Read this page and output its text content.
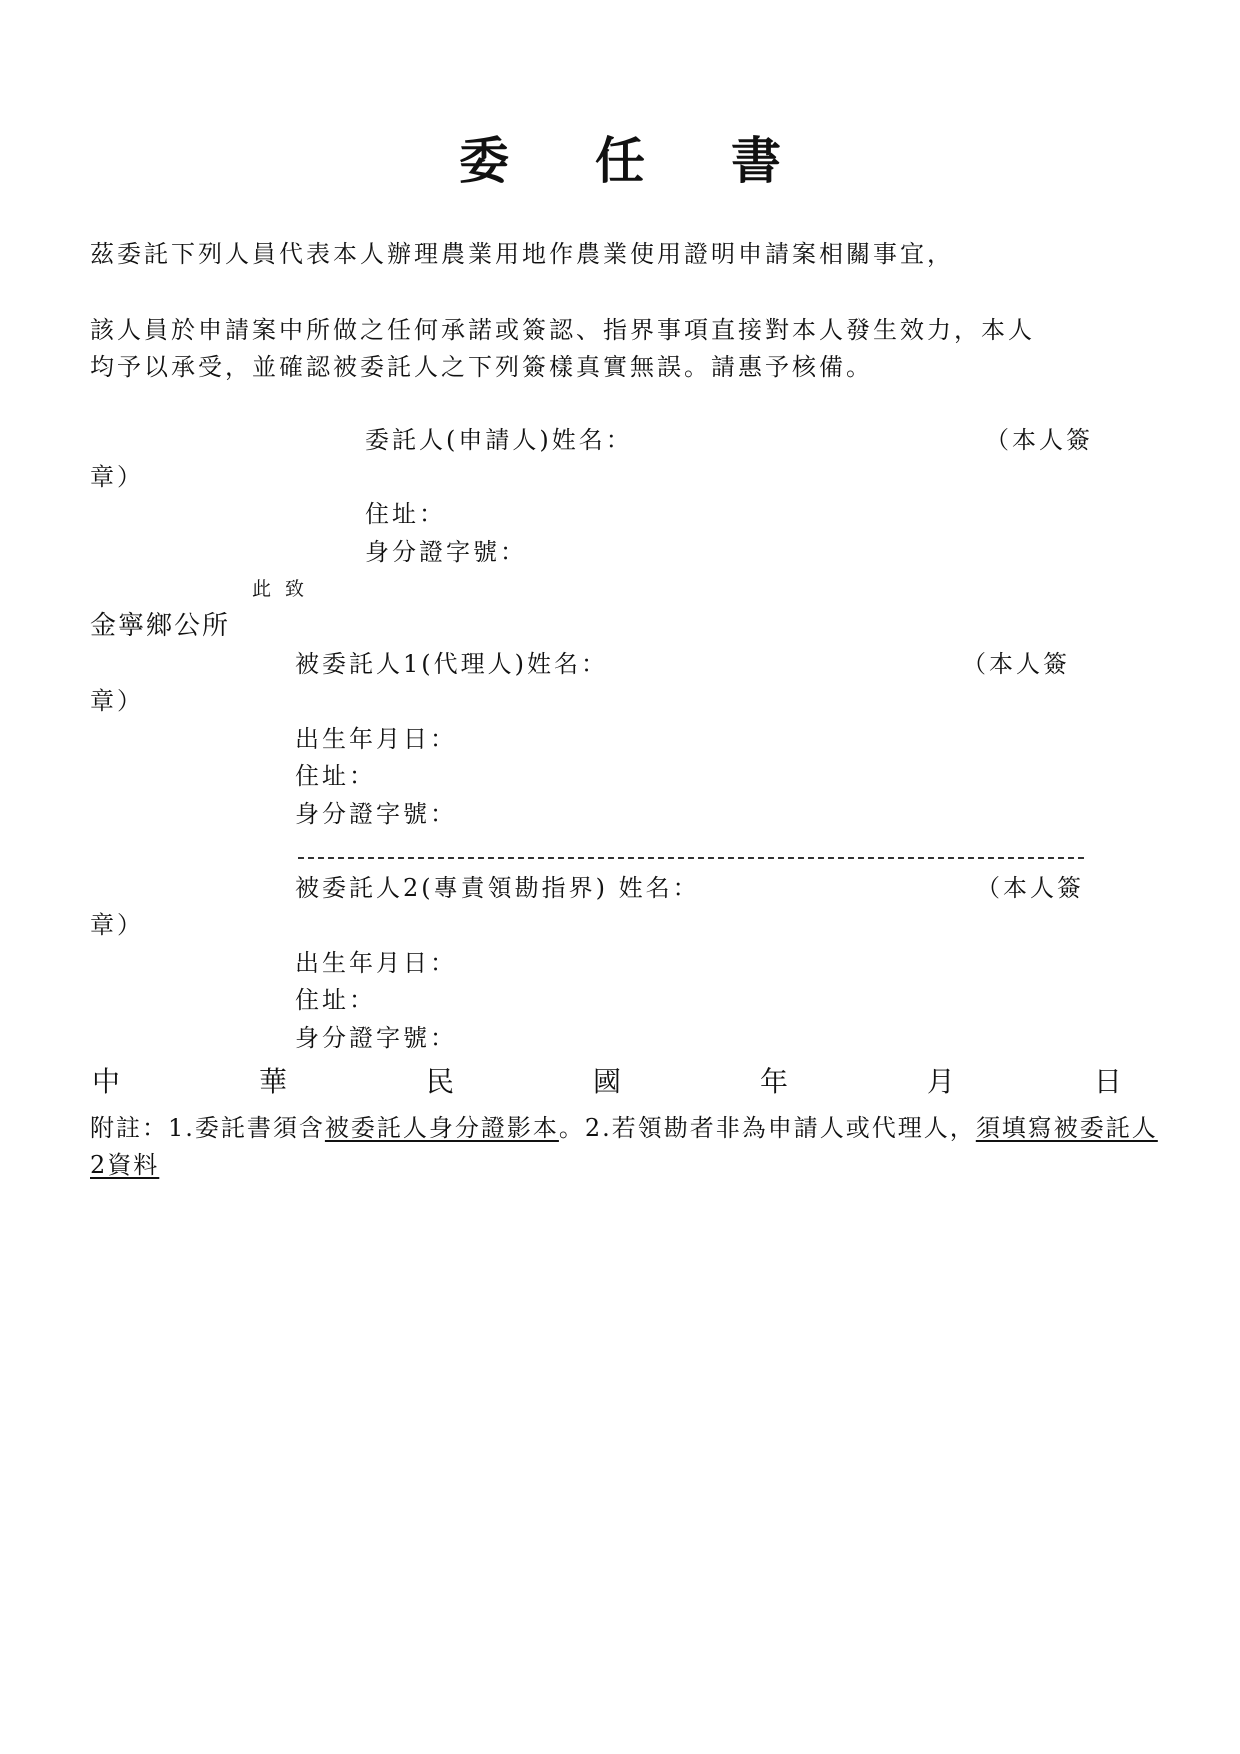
委 任 書
茲委託下列人員代表本人辦理農業用地作農業使用證明申請案相關事宜，
該人員於申請案中所做之任何承諾或簽認、指界事項直接對本人發生效力，本人
均予以承受，並確認被委託人之下列簽樣真實無誤。請惠予核備。
委託人(申請人)姓名：	（本人簽
章）
住址：
身分證字號：
此 致
金寧鄉公所
被委託人1(代理人)姓名：	（本人簽
章）
出生年月日：
住址：
身分證字號：
被委託人2(專責領勘指界) 姓名：	（本人簽
章）
出生年月日：
住址：
身分證字號：
中	華	民	國	年	月	日
附註：1.委託書須含被委託人身分證影本。2.若領勘者非為申請人或代理人，須填寫被委託人2資料
